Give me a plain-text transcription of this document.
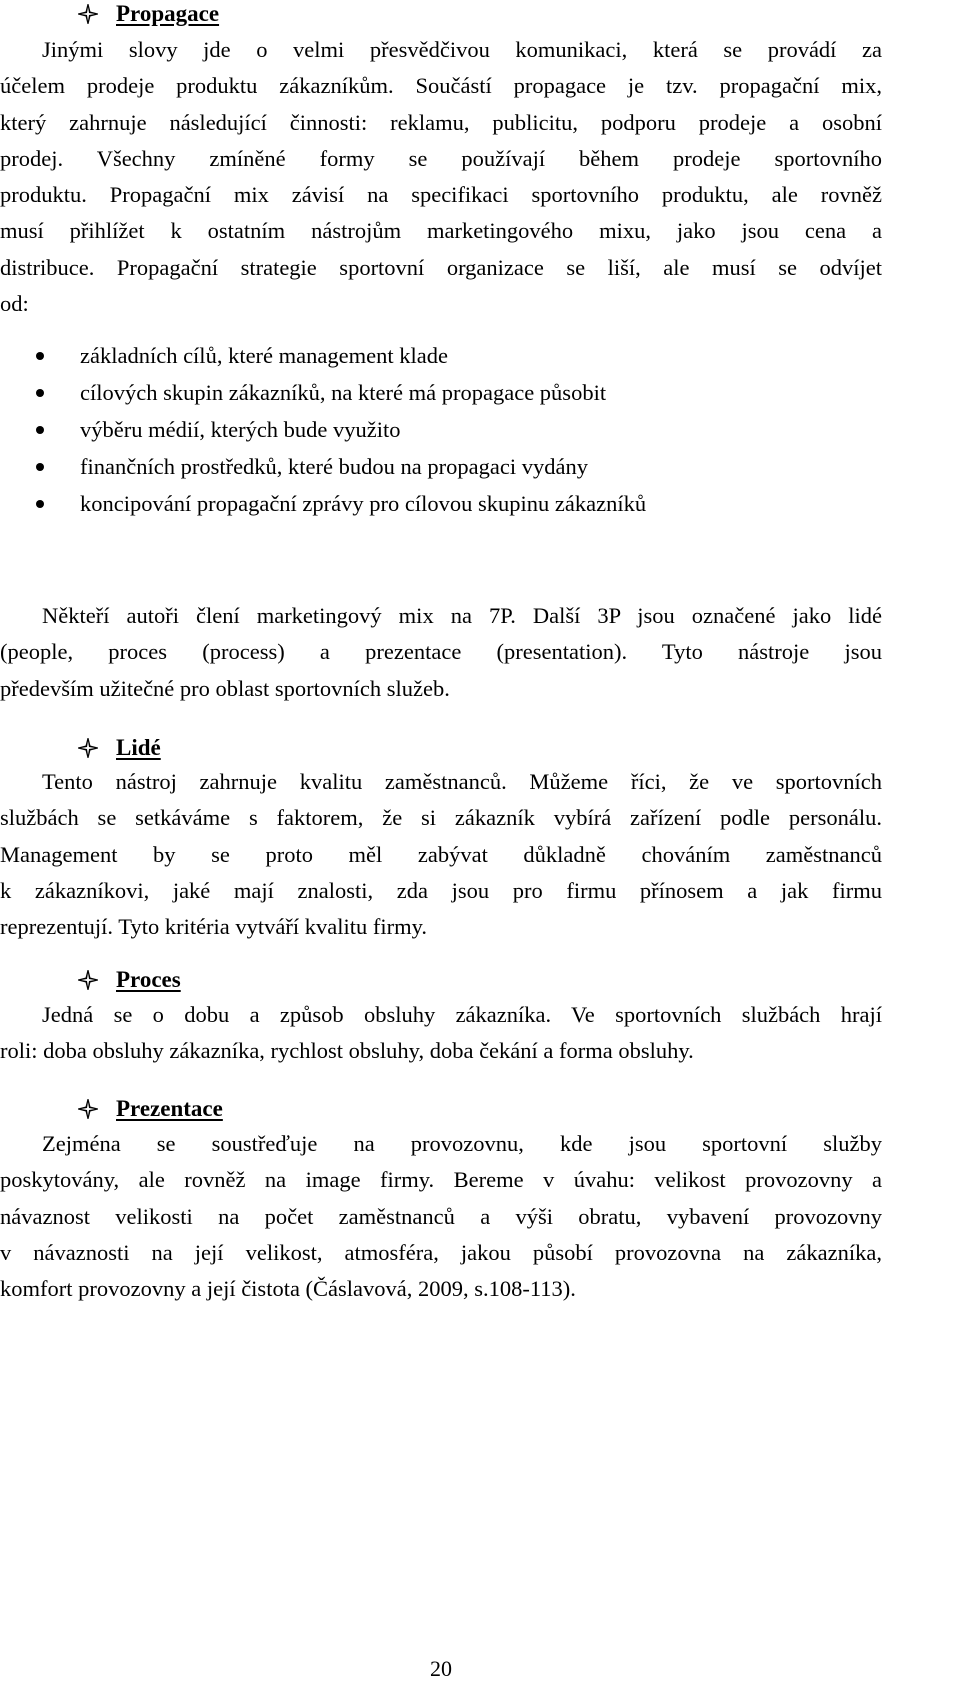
Propagace
Jinými slovy jde o velmi přesvědčivou komunikaci, která se provádí za
účelem prodeje produktu zákazníkům. Součástí propagace je tzv. propagační mix,
který zahrnuje následující činnosti: reklamu, publicitu, podporu prodeje a osobní
prodej. Všechny zmíněné formy se používají během prodeje sportovního
produktu. Propagační mix závisí na specifikaci sportovního produktu, ale rovněž
musí přihlížet k ostatním nástrojům marketingového mixu, jako jsou cena a
distribuce. Propagační strategie sportovní organizace se liší, ale musí se odvíjet
od:
základních cílů, které management klade
cílových skupin zákazníků, na které má propagace působit
výběru médií, kterých bude využito
finančních prostředků, které budou na propagaci vydány
koncipování propagační zprávy pro cílovou skupinu zákazníků
Někteří autoři člení marketingový mix na 7P. Další 3P jsou označené jako lidé
(people, proces (process) a prezentace (presentation). Tyto nástroje jsou
především užitečné pro oblast sportovních služeb.
Lidé
Tento nástroj zahrnuje kvalitu zaměstnanců. Můžeme říci, že ve sportovních
službách se setkáváme s faktorem, že si zákazník vybírá zařízení podle personálu.
Management by se proto měl zabývat důkladně chováním zaměstnanců
k zákazníkovi, jaké mají znalosti, zda jsou pro firmu přínosem a jak firmu
reprezentují. Tyto kritéria vytváří kvalitu firmy.
Proces
Jedná se o dobu a způsob obsluhy zákazníka. Ve sportovních službách hrají
roli: doba obsluhy zákazníka, rychlost obsluhy, doba čekání a forma obsluhy.
Prezentace
Zejména se soustřeďuje na provozovnu, kde jsou sportovní služby
poskytovány, ale rovněž na image firmy. Bereme v úvahu: velikost provozovny a
návaznost velikosti na počet zaměstnanců a výši obratu, vybavení provozovny
v návaznosti na její velikost, atmosféra, jakou působí provozovna na zákazníka,
komfort provozovny a její čistota (Čáslavová, 2009, s.108-113).
20
